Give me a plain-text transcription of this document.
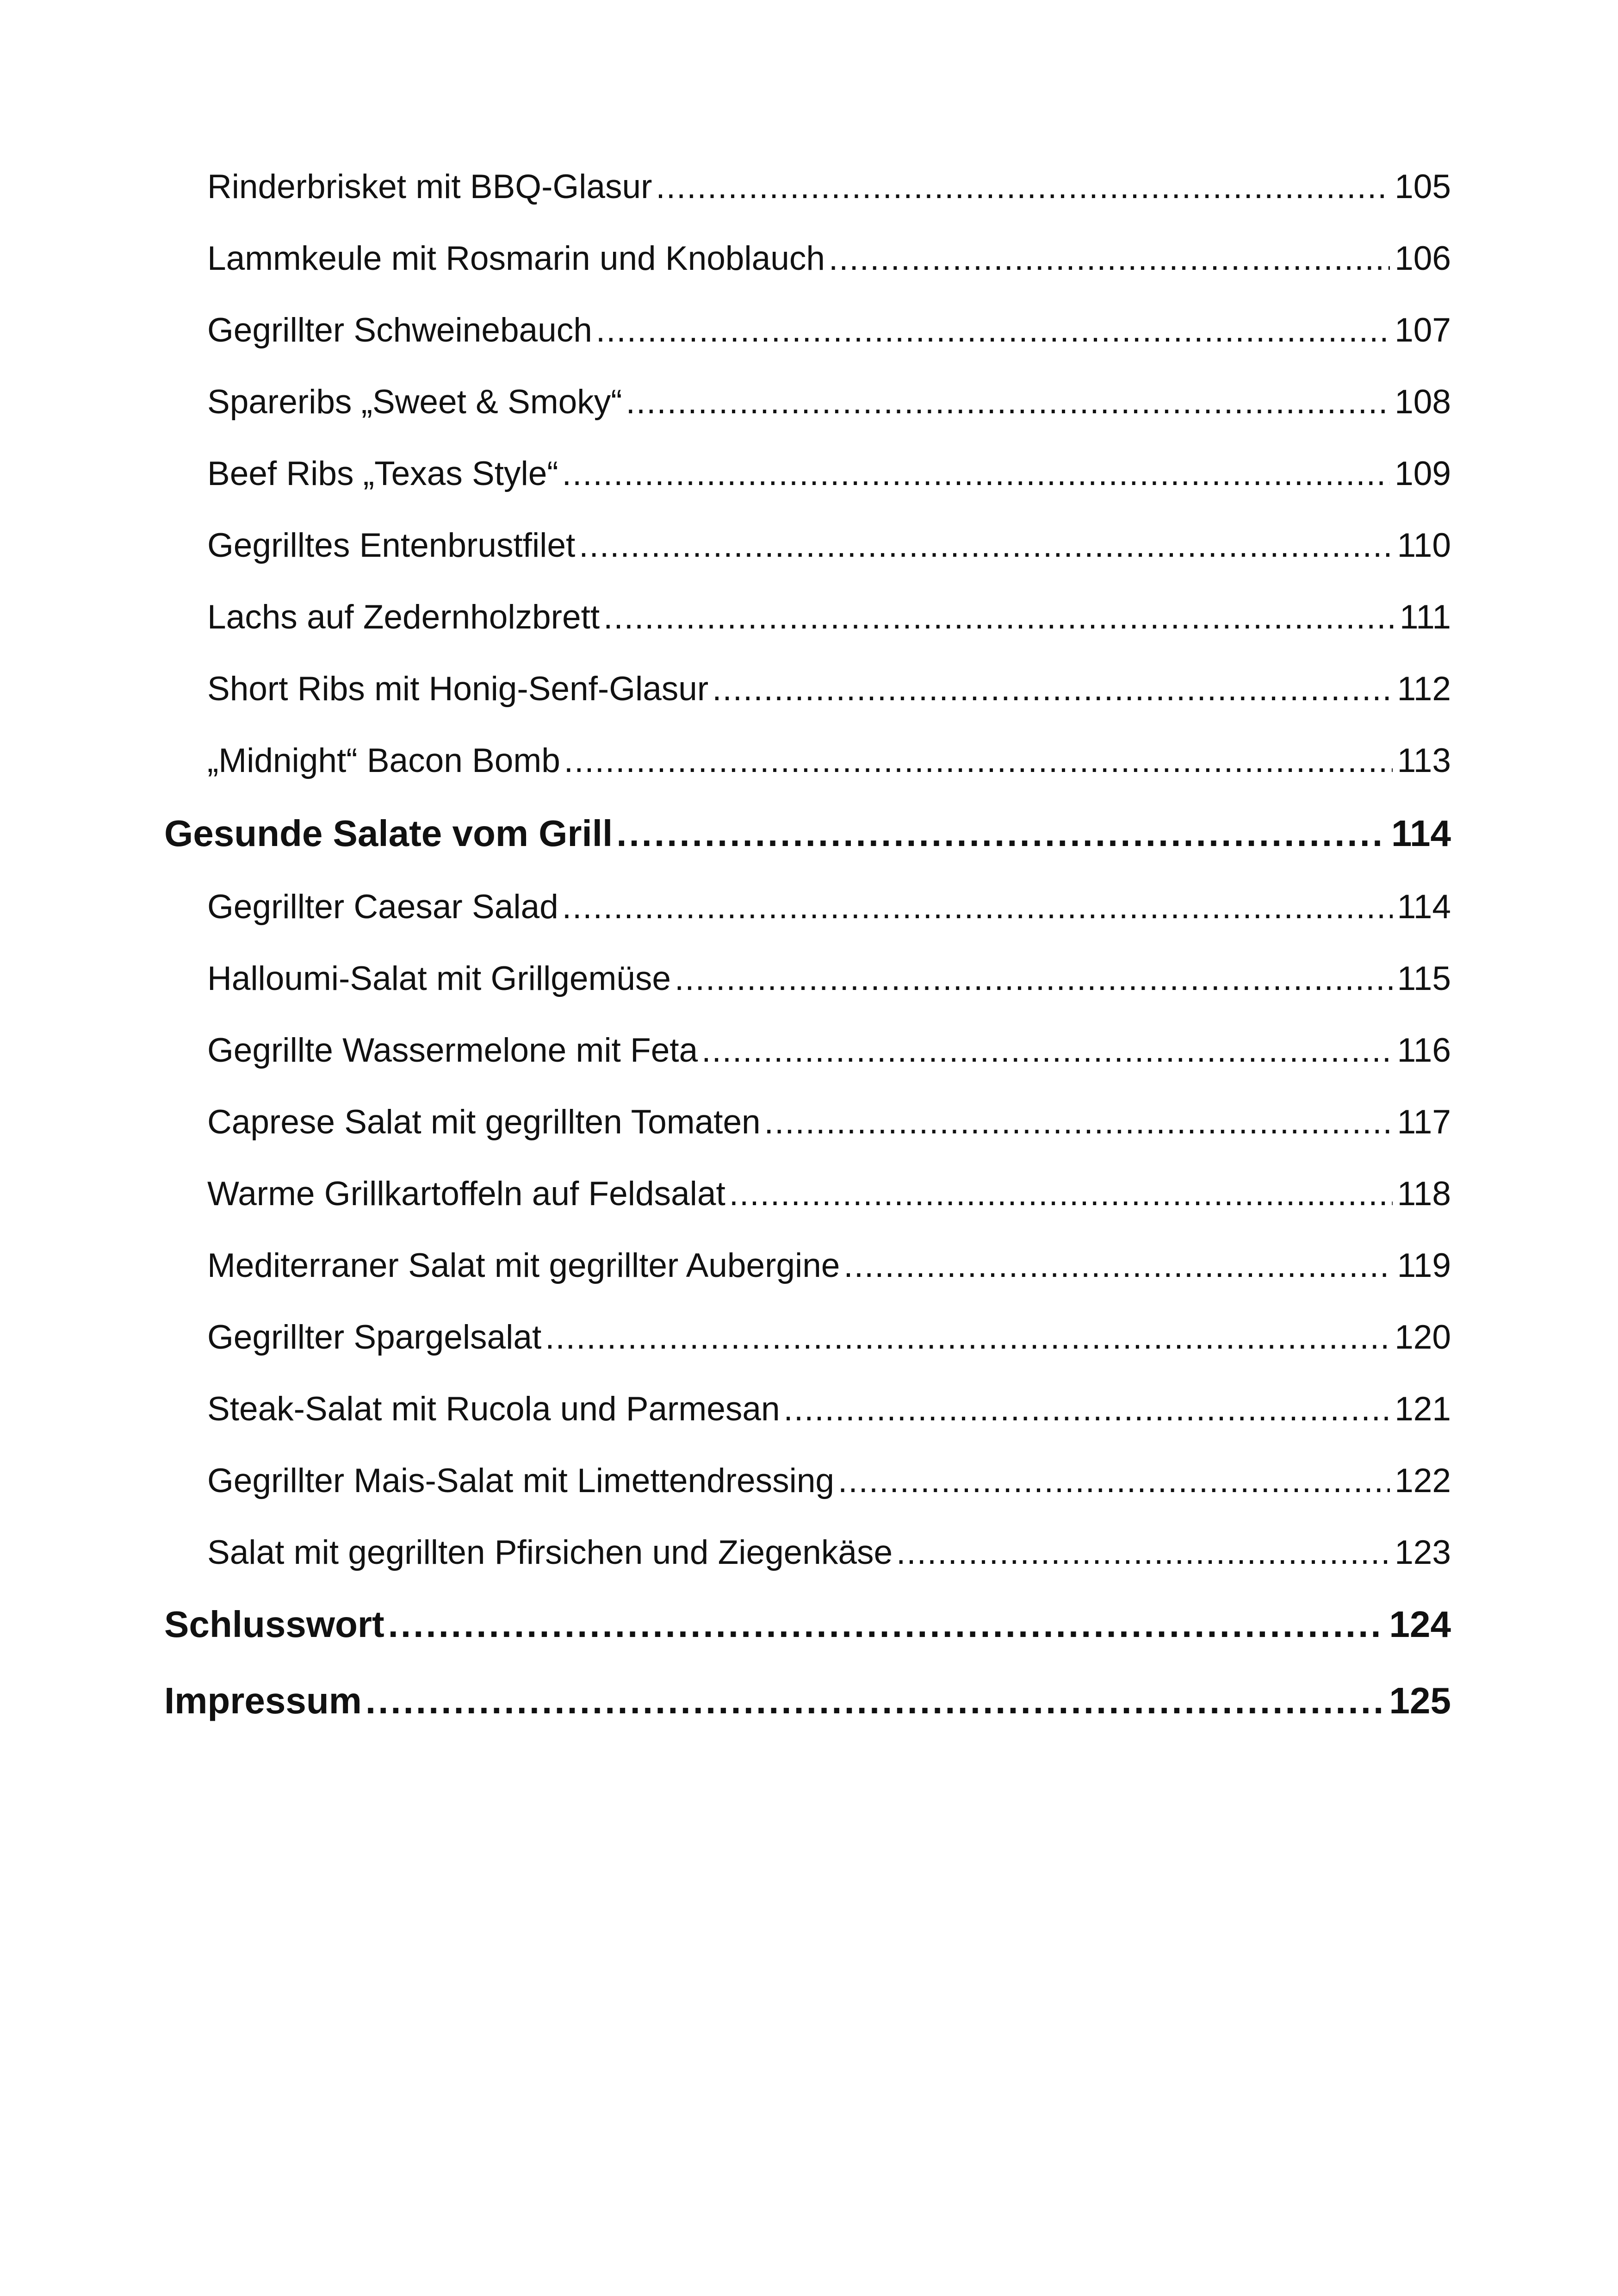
Rinderbrisket mit BBQ-Glasur .....	105
Lammkeule mit Rosmarin und Knoblauch .....	106
Gegrillter Schweinebauch .....	107
Spareribs „Sweet & Smoky“ .....	108
Beef Ribs „Texas Style“ .....	109
Gegrilltes Entenbrustfilet .....	110
Lachs auf Zedernholzbrett .....	111
Short Ribs mit Honig-Senf-Glasur .....	112
„Midnight“ Bacon Bomb .....	113
Gesunde Salate vom Grill .....	114
Gegrillter Caesar Salad .....	114
Halloumi-Salat mit Grillgemüse .....	115
Gegrillte Wassermelone mit Feta .....	116
Caprese Salat mit gegrillten Tomaten .....	117
Warme Grillkartoffeln auf Feldsalat .....	118
Mediterraner Salat mit gegrillter Aubergine .....	119
Gegrillter Spargelsalat .....	120
Steak-Salat mit Rucola und Parmesan .....	121
Gegrillter Mais-Salat mit Limettendressing .....	122
Salat mit gegrillten Pfirsichen und Ziegenkäse .....	123
Schlusswort .....	124
Impressum .....	125
